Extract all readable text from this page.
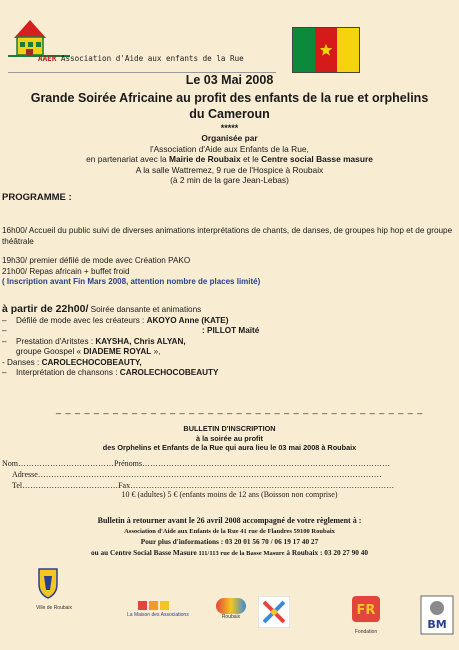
AAER Association d'Aide aux enfants de la Rue
Le 03 Mai 2008
Grande Soirée Africaine au profit des enfants de la rue et orphelins
du Cameroun
*****
Organisée par
l'Association d'Aide aux Enfants de la Rue,
en partenariat avec la Mairie de Roubaix et le Centre social Basse masure
A la salle Wattremez, 9 rue de l'Hospice à Roubaix
(à 2 min de la gare Jean-Lebas)
PROGRAMME :
16h00/ Accueil du public suivi de diverses animations interprétations de chants, de danses, de groupes hip hop et de groupe théâtrale
19h30/ premier défilé de mode avec Création PAKO
21h00/ Repas africain + buffet froid
( Inscription avant Fin Mars 2008, attention nombre de places limité)
à partir de 22h00/ Soirée dansante et animations
– Défilé de mode avec les créateurs : AKOYO Anne (KATE)
–	: PILLOT Maïté
– Prestation d'Aritstes : KAYSHA, Chris ALYAN,
groupe Goospel « DIADEME ROYAL »,
- Danses : CAROLECHOCOBEAUTY,
– Interprétation de chansons : CAROLECHOCOBEAUTY
_ _ _ _ _ _ _ _ _ _ _ _ _ _ _ _ _ _ _ _ _ _ _ _ _ _ _ _ _ _ _ _ _ _ _ _ _ _ _
BULLETIN D'INSCRIPTION
à la soirée au profit
des Orphelins et Enfants de la Rue qui aura lieu le 03 mai 2008 à Roubaix
Nom………………………………Prénoms…………………………………………………………………………………
Adresse…………………………………………………………………………………………………………………
Tel………………………………Fax………………………………………………………………………………………
10 € (adultes) 5 € (enfants moins de 12 ans (Boisson non comprise)
Bulletin à retourner avant le 26 avril 2008 accompagné de votre règlement à :
Association d'Aide aux Enfants de la Rue 41 rue de Flandres 59100 Roubaix
Pour plus d'informations : 03 20 01 56 70 / 06 19 17 40 27
ou au Centre Social Basse Masure 111/113 rue de la Basse Masure à Roubaix : 03 20 27 90 40
Ville de Roubaix
La Maison des Associations	Roubaix	FR
Fondation
BM
